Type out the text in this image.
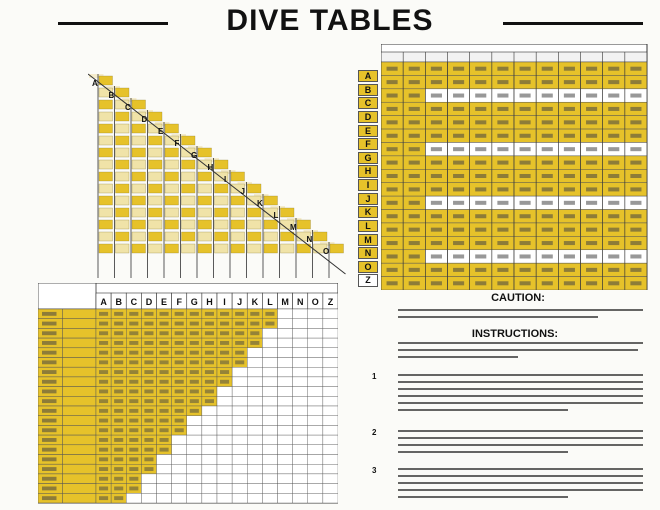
DIVE TABLES
A
B
C
D
E
F
G
H
I
J
K
L
M
N
O
A
B
C
D
E
F
G
H
I
J
K
L
M
N
O
Z
A B C D E F G H I J K L M N O Z	CAUTION:
INSTRUCTIONS:
1
2
3
